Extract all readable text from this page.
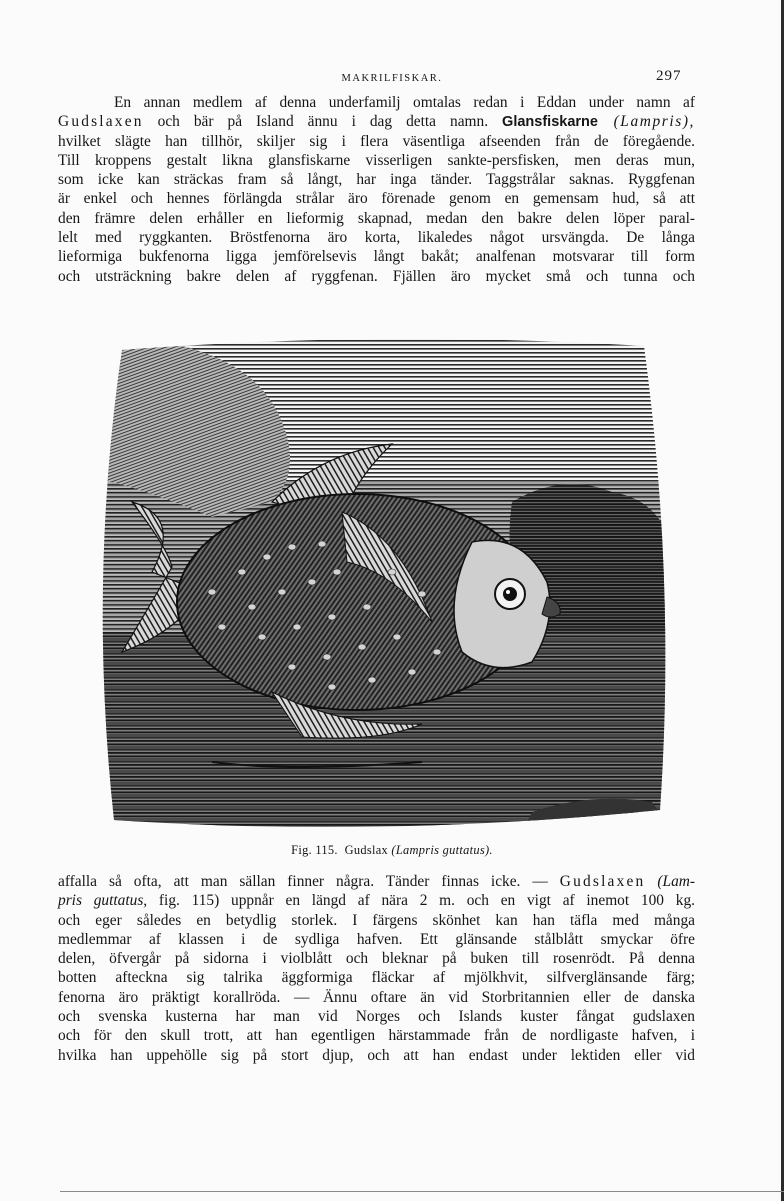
MAKRILFISKAR.	297
En annan medlem af denna underfamilj omtalas redan i Eddan under namn af
Gudslaxen och bär på Island ännu i dag detta namn. Glansfiskarne (Lampris),
hvilket slägte han tillhör, skiljer sig i flera väsentliga afseenden från de föregående.
Till kroppens gestalt likna glansfiskarne visserligen sankte-persfisken, men deras mun,
som icke kan sträckas fram så långt, har inga tänder. Taggstrålar saknas. Ryggfenan
är enkel och hennes förlängda strålar äro förenade genom en gemensam hud, så att
den främre delen erhåller en lieformig skapnad, medan den bakre delen löper paral-
lelt med ryggkanten. Bröstfenorna äro korta, likaledes något ursvängda. De långa
lieformiga bukfenorna ligga jemförelsevis långt bakåt; analfenan motsvarar till form
och utsträckning bakre delen af ryggfenan. Fjällen äro mycket små och tunna och
Fig. 115. Gudslax (Lampris guttatus).
affalla så ofta, att man sällan finner några. Tänder finnas icke. — Gudslaxen (Lam-
pris guttatus, fig. 115) uppnår en längd af nära 2 m. och en vigt af inemot 100 kg.
och eger således en betydlig storlek. I färgens skönhet kan han täfla med många
medlemmar af klassen i de sydliga hafven. Ett glänsande stålblått smyckar öfre
delen, öfvergår på sidorna i violblått och bleknar på buken till rosenrödt. På denna
botten afteckna sig talrika äggformiga fläckar af mjölkhvit, silfverglänsande färg;
fenorna äro präktigt korallröda. — Ännu oftare än vid Storbritannien eller de danska
och svenska kusterna har man vid Norges och Islands kuster fångat gudslaxen
och för den skull trott, att han egentligen härstammade från de nordligaste hafven, i
hvilka han uppehölle sig på stort djup, och att han endast under lektiden eller vid
